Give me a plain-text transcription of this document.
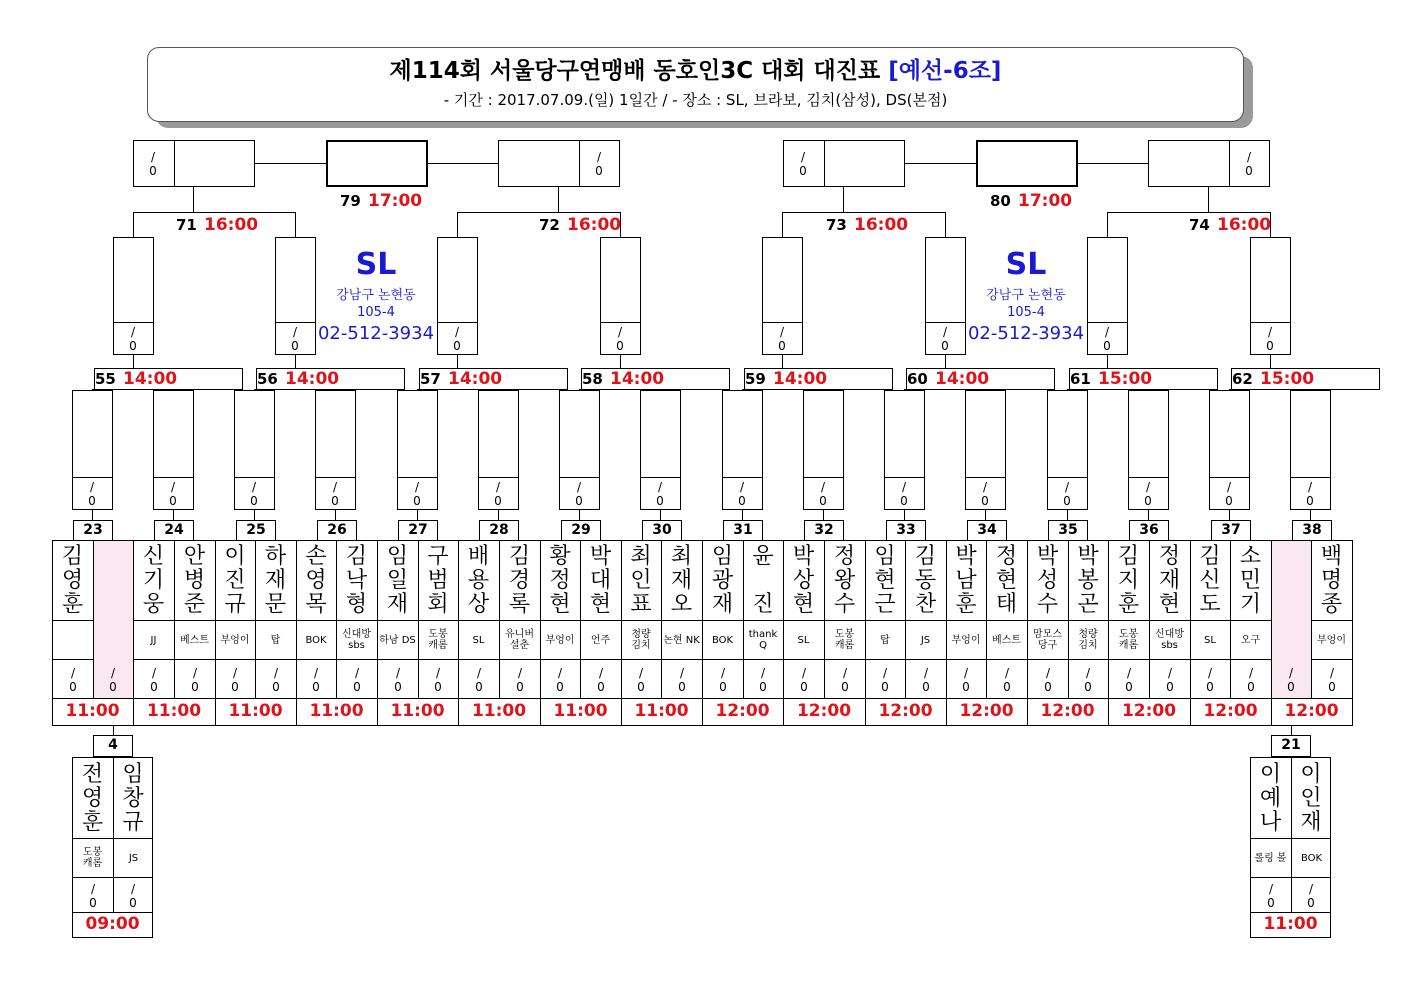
제114회 서울당구연맹배 동호인3C 대회 대진표 [예선-6조]
- 기간 : 2017.07.09.(일) 1일간 / - 장소 : SL, 브라보, 김치(삼성), DS(본점)
/
0
/
0
79 17:00
/
0
/
0
80 17:00
/
0
/
0
71 16:00
/
0
/
0
72 16:00
/
0
/
0
73 16:00
/
0
/
0
74 16:00
SL
강남구 논현동
105-4
02-512-3934
SL
강남구 논현동
105-4
02-512-3934
/
0
/
0
55 14:00
/
0
/
0
56 14:00
/
0
/
0
57 14:00
/
0
/
0
58 14:00
/
0
/
0
59 14:00
/
0
/
0
60 14:00
/
0
/
0
61 15:00
/
0
/
0
62 15:00
23
김
영
훈
/
0
/
0
11:00
24
신
기
웅
JJ
/
0
안
병
준
베스트
/
0
11:00
25
이
진
규
부엉이
/
0
하
재
문
탑
/
0
11:00
26
손
영
목
BOK
/
0
김
낙
형
신대방 sbs
/
0
11:00
27
임
일
재
하남 DS
/
0
구
범
회
도봉 캐롬
/
0
11:00
28
배
용
상
SL
/
0
김
경
록
유니버 설춘
/
0
11:00
29
황
정
현
부엉이
/
0
박
대
현
언주
/
0
11:00
30
최
인
표
청량 김치
/
0
최
재
오
논현 NK
/
0
11:00
31
임
광
재
BOK
/
0
윤

진
thank Q
/
0
12:00
32
박
상
현
SL
/
0
정
왕
수
도봉 캐롬
/
0
12:00
33
임
현
근
탑
/
0
김
동
찬
JS
/
0
12:00
34
박
남
훈
부엉이
/
0
정
현
태
베스트
/
0
12:00
35
박
성
수
맘모스 당구
/
0
박
봉
곤
청량 김치
/
0
12:00
36
김
지
훈
도봉 캐롬
/
0
정
재
현
신대방 sbs
/
0
12:00
37
김
신
도
SL
/
0
소
민
기
오구
/
0
12:00
38
/
0
백
명
종
부엉이
/
0
12:00
4
전
영
훈
도봉 캐롬
/
0
임
창
규
JS
/
0
09:00
21
이
예
나
롤링 볼
/
0
이
인
재
BOK
/
0
11:00
